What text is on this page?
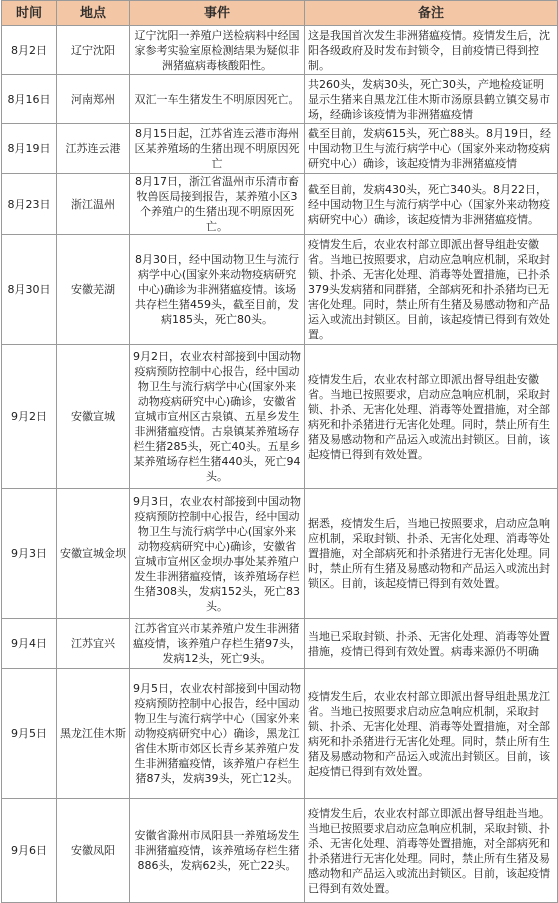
时间	地点	事件	备注
8月2日	辽宁沈阳	辽宁沈阳一养殖户送检病料中经国家参考实验室原检测结果为疑似非洲猪瘟病毒核酸阳性。	这是我国首次发生非洲猪瘟疫情。疫情发生后，沈阳各级政府及时发布封锁令，目前疫情已得到控制。
8月16日	河南郑州	双汇一车生猪发生不明原因死亡。	共260头，发病30头，死亡30头，产地检疫证明显示生猪来自黑龙江佳木斯市汤原县鹤立镇交易市场，经确诊该疫情为非洲猪瘟疫情
8月19日	江苏连云港	8月15日起，江苏省连云港市海州区某养殖场的生猪出现不明原因死亡	截至目前，发病615头，死亡88头。8月19日，经中国动物卫生与流行病学中心（国家外来动物疫病研究中心）确诊，该起疫情为非洲猪瘟疫情
8月23日	浙江温州	8月17日，浙江省温州市乐清市畜牧兽医局接到报告，某养殖小区3个养殖户的生猪出现不明原因死亡。	截至目前，发病430头，死亡340头。8月22日，经中国动物卫生与流行病学中心（国家外来动物疫病研究中心）确诊，该起疫情为非洲猪瘟疫情。
8月30日	安徽芜湖	8月30日，经中国动物卫生与流行病学中心(国家外来动物疫病研究中心)确诊为非洲猪瘟疫情。该场共存栏生猪459头，截至目前，发病185头，死亡80头。	疫情发生后，农业农村部立即派出督导组赴安徽省。当地已按照要求，启动应急响应机制，采取封锁、扑杀、无害化处理、消毒等处置措施，已扑杀379头发病猪和同群猪，全部病死和扑杀猪均已无害化处理。同时，禁止所有生猪及易感动物和产品运入或流出封锁区。目前，该起疫情已得到有效处置。
9月2日	安徽宣城	9月2日，农业农村部接到中国动物疫病预防控制中心报告，经中国动物卫生与流行病学中心(国家外来动物疫病研究中心)确诊，安徽省宣城市宣州区古泉镇、五星乡发生非洲猪瘟疫情。古泉镇某养殖场存栏生猪285头，死亡40头。五星乡某养殖场存栏生猪440头，死亡94头。	疫情发生后，农业农村部立即派出督导组赴安徽省。当地已按照要求，启动应急响应机制，采取封锁、扑杀、无害化处理、消毒等处置措施，对全部病死和扑杀猪进行无害化处理。同时，禁止所有生猪及易感动物和产品运入或流出封锁区。目前，该起疫情已得到有效处置。
9月3日	安徽宣城金坝	9月3日，农业农村部接到中国动物疫病预防控制中心报告，经中国动物卫生与流行病学中心(国家外来动物疫病研究中心)确诊，安徽省宣城市宣州区金坝办事处某养殖户发生非洲猪瘟疫情，该养殖场存栏生猪308头，发病152头，死亡83头。	据悉，疫情发生后，当地已按照要求，启动应急响应机制，采取封锁、扑杀、无害化处理、消毒等处置措施，对全部病死和扑杀猪进行无害化处理。同时，禁止所有生猪及易感动物和产品运入或流出封锁区。目前，该起疫情已得到有效处置。
9月4日	江苏宜兴	江苏省宜兴市某养殖户发生非洲猪瘟疫情，该养殖户存栏生猪97头，发病12头，死亡9头。	当地已采取封锁、扑杀、无害化处理、消毒等处置措施，疫情已得到有效处置。病毒来源仍不明确
9月5日	黑龙江佳木斯	9月5日，农业农村部接到中国动物疫病预防控制中心报告，经中国动物卫生与流行病学中心（国家外来动物疫病研究中心）确诊，黑龙江省佳木斯市郊区长青乡某养殖户发生非洲猪瘟疫情，该养殖户存栏生猪87头，发病39头，死亡12头。	疫情发生后，农业农村部立即派出督导组赴黑龙江省。当地已按照要求启动应急响应机制，采取封锁、扑杀、无害化处理、消毒等处置措施，对全部病死和扑杀猪进行无害化处理。同时，禁止所有生猪及易感动物和产品运入或流出封锁区。目前，该起疫情已得到有效处置。
9月6日	安徽凤阳	安徽省滁州市凤阳县一养殖场发生非洲猪瘟疫情，该养殖场存栏生猪886头，发病62头，死亡22头。	疫情发生后，农业农村部立即派出督导组赴当地。当地已按照要求启动应急响应机制，采取封锁、扑杀、无害化处理、消毒等处置措施，对全部病死和扑杀猪进行无害化处理。同时，禁止所有生猪及易感动物和产品运入或流出封锁区。目前，该起疫情已得到有效处置。
